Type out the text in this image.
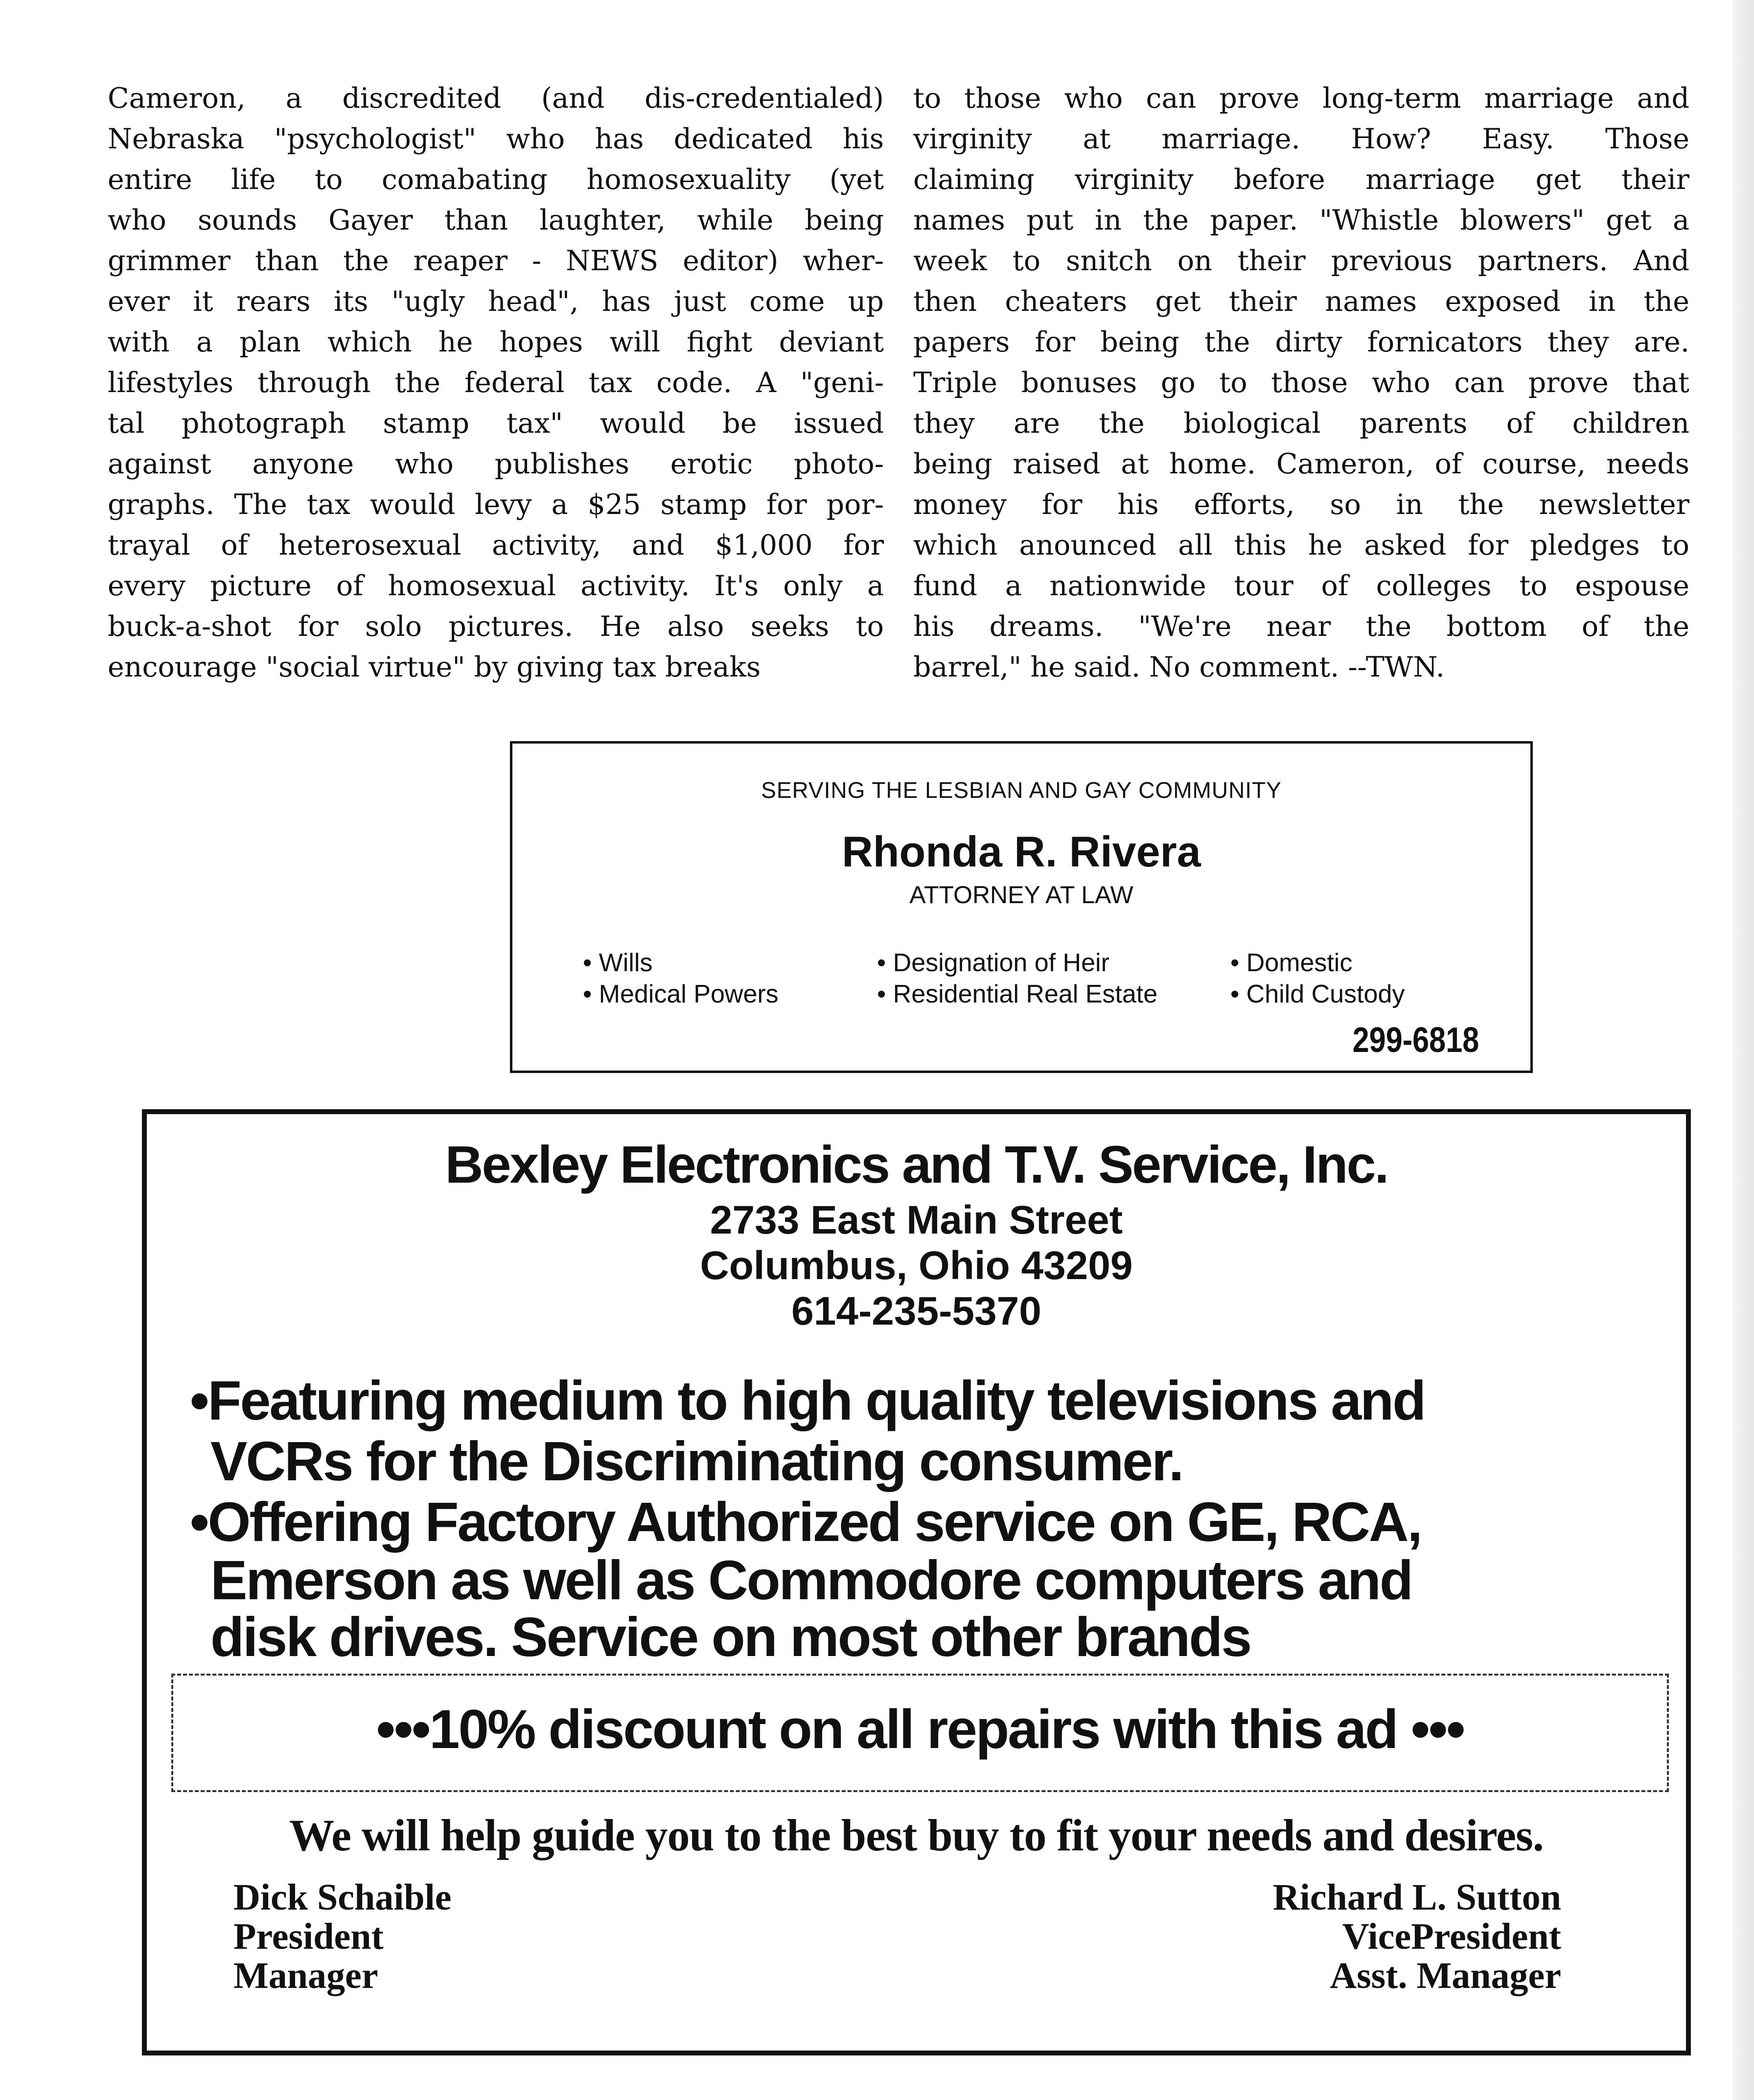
Cameron, a discredited (and dis-credentialed)
Nebraska "psychologist" who has dedicated his
entire life to comabating homosexuality (yet
who sounds Gayer than laughter, while being
grimmer than the reaper - NEWS editor) wher-
ever it rears its "ugly head", has just come up
with a plan which he hopes will fight deviant
lifestyles through the federal tax code. A "geni-
tal photograph stamp tax" would be issued
against anyone who publishes erotic photo-
graphs. The tax would levy a $25 stamp for por-
trayal of heterosexual activity, and $1,000 for
every picture of homosexual activity. It's only a
buck-a-shot for solo pictures. He also seeks to
encourage "social virtue" by giving tax breaks
to those who can prove long-term marriage and
virginity at marriage. How? Easy. Those
claiming virginity before marriage get their
names put in the paper. "Whistle blowers" get a
week to snitch on their previous partners. And
then cheaters get their names exposed in the
papers for being the dirty fornicators they are.
Triple bonuses go to those who can prove that
they are the biological parents of children
being raised at home. Cameron, of course, needs
money for his efforts, so in the newsletter
which anounced all this he asked for pledges to
fund a nationwide tour of colleges to espouse
his dreams. "We're near the bottom of the
barrel," he said. No comment. --TWN.
SERVING THE LESBIAN AND GAY COMMUNITY
Rhonda R. Rivera
ATTORNEY AT LAW
• Wills
• Medical Powers
• Designation of Heir
• Residential Real Estate
• Domestic
• Child Custody
299-6818
Bexley Electronics and T.V. Service, Inc.
2733 East Main Street
Columbus, Ohio 43209
614-235-5370
•Featuring medium to high quality televisions and
VCRs for the Discriminating consumer.
•Offering Factory Authorized service on GE, RCA,
Emerson as well as Commodore computers and
disk drives. Service on most other brands
•••10% discount on all repairs with this ad •••
We will help guide you to the best buy to fit your needs and desires.
Dick Schaible
President
Manager
Richard L. Sutton
VicePresident
Asst. Manager
